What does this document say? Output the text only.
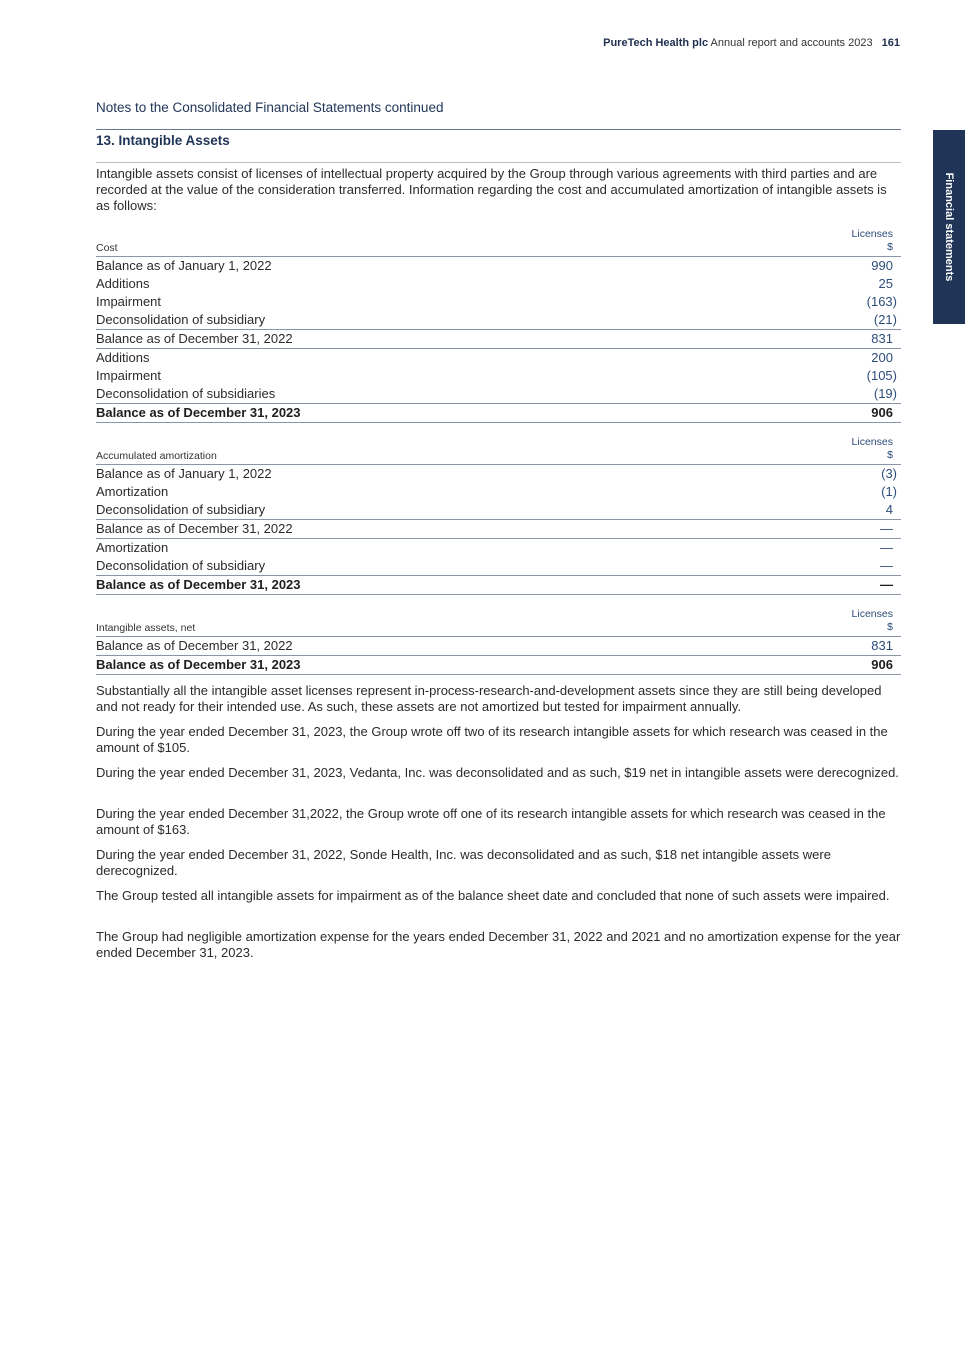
PureTech Health plc Annual report and accounts 2023 161
Financial statements
Notes to the Consolidated Financial Statements continued
13. Intangible Assets

Intangible assets consist of licenses of intellectual property acquired by the Group through various agreements with third parties and are recorded at the value of the consideration transferred. Information regarding the cost and accumulated amortization of intangible assets is as follows:

Cost
Licenses
$
Balance as of January 1, 2022	990
Additions	25
Impairment	(163)
Deconsolidation of subsidiary	(21)
Balance as of December 31, 2022	831
Additions	200
Impairment	(105)
Deconsolidation of subsidiaries	(19)
Balance as of December 31, 2023	906
Accumulated amortization
Licenses
$
Balance as of January 1, 2022	(3)
Amortization	(1)
Deconsolidation of subsidiary	4
Balance as of December 31, 2022	—
Amortization	—
Deconsolidation of subsidiary	—
Balance as of December 31, 2023	—
Intangible assets, net
Licenses
$
Balance as of December 31, 2022	831
Balance as of December 31, 2023	906

Substantially all the intangible asset licenses represent in-process-research-and-development assets since they are still being developed and not ready for their intended use. As such, these assets are not amortized but tested for impairment annually.

During the year ended December 31, 2023, the Group wrote off two of its research intangible assets for which research was ceased in the amount of $105.

During the year ended December 31, 2023, Vedanta, Inc. was deconsolidated and as such, $19 net in intangible assets were derecognized.

During the year ended December 31,2022, the Group wrote off one of its research intangible assets for which research was ceased in the amount of $163.

During the year ended December 31, 2022, Sonde Health, Inc. was deconsolidated and as such, $18 net intangible assets were derecognized.

The Group tested all intangible assets for impairment as of the balance sheet date and concluded that none of such assets were impaired.

The Group had negligible amortization expense for the years ended December 31, 2022 and 2021 and no amortization expense for the year ended December 31, 2023.
